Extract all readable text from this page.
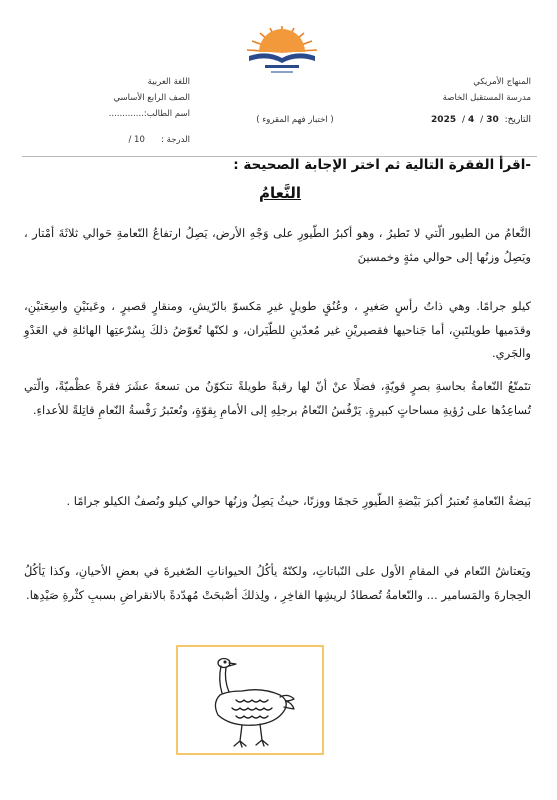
المنهاج الأمريكي
مدرسة المستقبل الخاصة
اللغة العربية
الصف الرابع الأساسي
اسم الطالب:.............
الدرجة :      10 /
التاريخ: 30/ 4/ 2025
( اختبار فهم المقروء )
-اقرأ الفقرة التالية ثم اختر الإجابة الصحيحة :
النَّعامُ
النَّعامُ من الطيور الّتي لا تَطيرُ ، وهو أكبرُ الطّيورِ على وَجْهِ الأرض، يَصِلُ ارتفاعُ النّعامةِ حَوالي ثلاثَةَ أمْتار ، ويَصِلُ وزنُها إلى حوالي مئةٍ وخمسينَ
كيلو جرامًا. وهي ذاتُ رأسٍ صَغيرٍ ، وعُنُقٍ طويلٍ غيرِ مَكسوّ بالرّيشِ، ومنقارٍ قصيرٍ ، وعَينَيْنِ واسِعَتيْنِ، وقدَميها طويلتَينِ، أما جَناحيها فقصيريْنِ غير مُعدّينِ للطّيَران، و لكنّها تُعوّضُ ذلكَ بِسُرْعتِها الهائلةِ في العَدْوِ والجَري.
تتَمتّعُ النّعامةُ بحاسةِ بصرٍ قويّةٍ، فضلًا عنْ أنّ لها رقبةً طويلةً تتكوّنُ من تسعةَ عشَرَ فقرةً عظْميّةً، والّتي تُساعِدُها على رُؤيةِ مساحاتٍ كبيرةٍ. يَرْفُسُ النّعامُ برجلِهِ إلى الأمامِ بِقوّةٍ، وتُعتَبرُ رَفْسةُ النّعامِ قاتِلةً للأعداءِ.
بَيضةُ النّعامةِ تُعتبرُ أكبرَ بَيْضةِ الطّيورِ حَجمًا ووزنًا، حيثُ يَصِلُ وزنُها حوالي كيلو ونُصفُ الكيلو جرامًا .
ويَعتاشُ النّعام في المقامِ الأول على النّباتاتِ، ولكنّهُ يأكُلُ الحيواناتِ الصّغيرةَ في بعضِ الأحيانِ، وكذا يَأكُلُ الحِجارةَ والمَسامير ... والنّعامةُ تُصطادُ لريشِها الفاخِرِ ، ولِذلكَ أصْبحَتْ مُهدّدةً بالانقراضِ بسببِ كثْرةِ صَيْدِها.
